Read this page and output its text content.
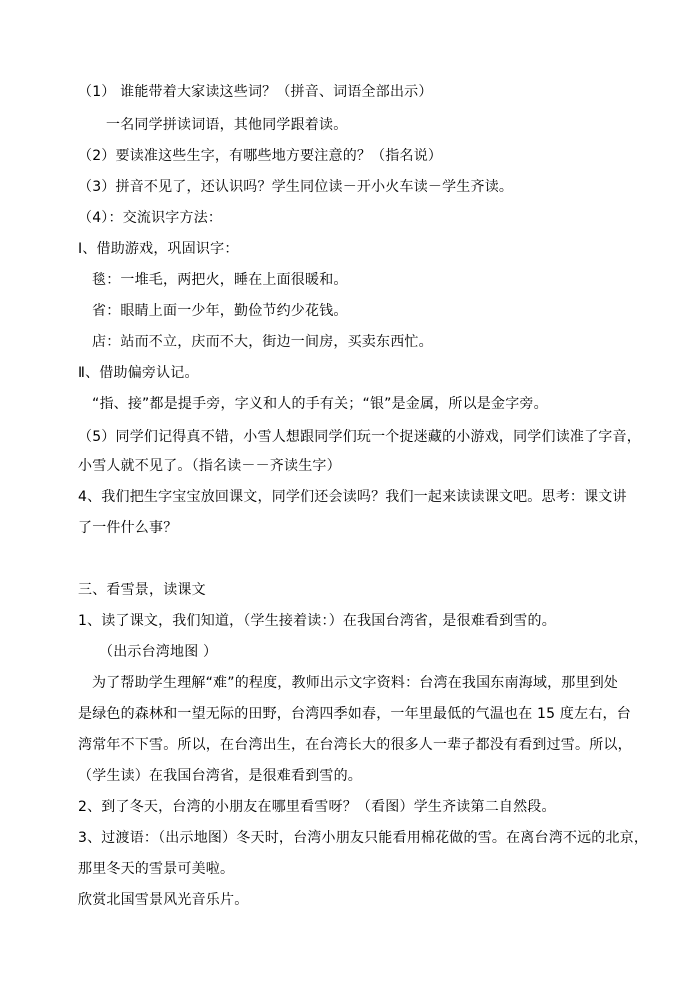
（1） 谁能带着大家读这些词？（拼音、词语全部出示）
一名同学拼读词语，其他同学跟着读。
（2）要读准这些生字，有哪些地方要注意的？（指名说）
（3）拼音不见了，还认识吗？学生同位读－开小火车读－学生齐读。
（4）：交流识字方法：
Ⅰ、借助游戏，巩固识字：
毯：一堆毛，两把火，睡在上面很暖和。
省：眼睛上面一少年，勤俭节约少花钱。
店：站而不立，庆而不大，街边一间房，买卖东西忙。
Ⅱ、借助偏旁认记。
“指、接”都是提手旁，字义和人的手有关；“银”是金属，所以是金字旁。
（5）同学们记得真不错，小雪人想跟同学们玩一个捉迷藏的小游戏，同学们读准了字音，
小雪人就不见了。（指名读－－齐读生字）
4、我们把生字宝宝放回课文，同学们还会读吗？我们一起来读读课文吧。思考：课文讲
了一件什么事？
三、看雪景，读课文
1、读了课文，我们知道，（学生接着读：）在我国台湾省，是很难看到雪的。
（出示台湾地图 ）
为了帮助学生理解“难”的程度，教师出示文字资料：台湾在我国东南海域，那里到处
是绿色的森林和一望无际的田野，台湾四季如春，一年里最低的气温也在 15 度左右，台
湾常年不下雪。所以，在台湾出生，在台湾长大的很多人一辈子都没有看到过雪。所以，
（学生读）在我国台湾省，是很难看到雪的。
2、到了冬天，台湾的小朋友在哪里看雪呀？（看图）学生齐读第二自然段。
3、过渡语：（出示地图）冬天时，台湾小朋友只能看用棉花做的雪。在离台湾不远的北京，
那里冬天的雪景可美啦。
欣赏北国雪景风光音乐片。
